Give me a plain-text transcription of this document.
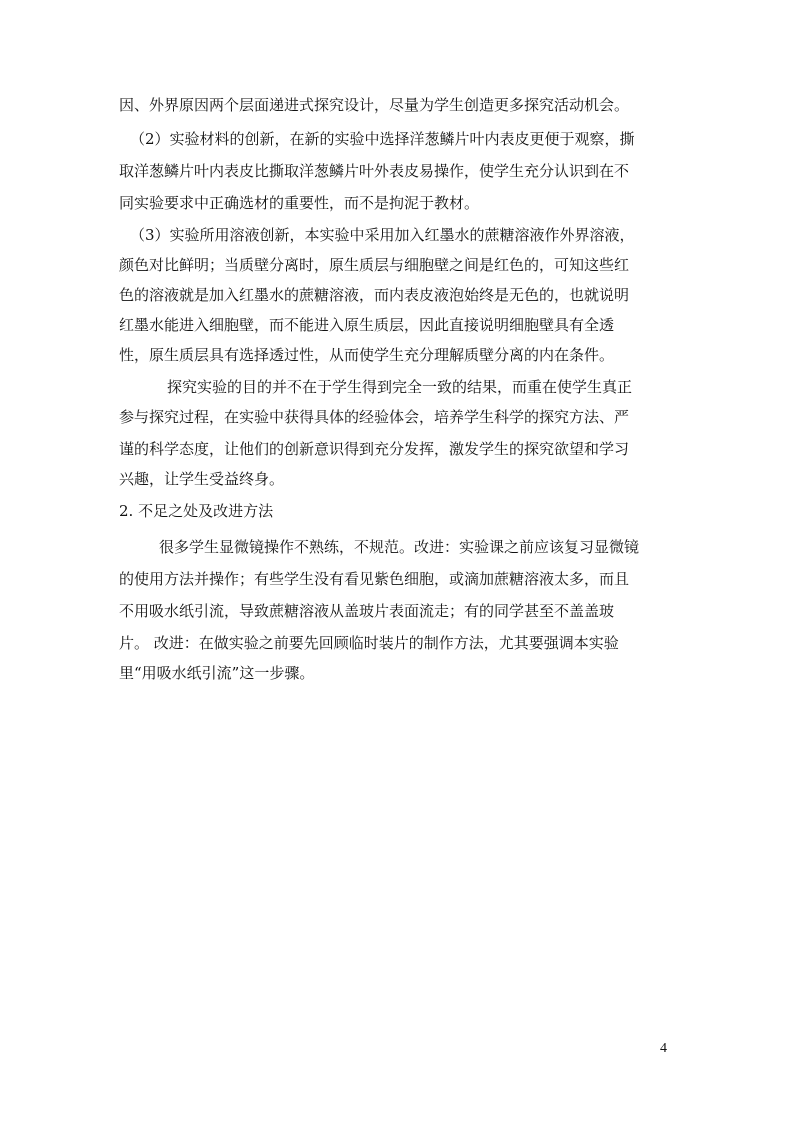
因、外界原因两个层面递进式探究设计，尽量为学生创造更多探究活动机会。
（2）实验材料的创新，在新的实验中选择洋葱鳞片叶内表皮更便于观察，撕
取洋葱鳞片叶内表皮比撕取洋葱鳞片叶外表皮易操作，使学生充分认识到在不
同实验要求中正确选材的重要性，而不是拘泥于教材。
（3）实验所用溶液创新，本实验中采用加入红墨水的蔗糖溶液作外界溶液，
颜色对比鲜明；当质壁分离时，原生质层与细胞壁之间是红色的，可知这些红
色的溶液就是加入红墨水的蔗糖溶液，而内表皮液泡始终是无色的，也就说明
红墨水能进入细胞壁，而不能进入原生质层，因此直接说明细胞壁具有全透
性，原生质层具有选择透过性，从而使学生充分理解质壁分离的内在条件。
探究实验的目的并不在于学生得到完全一致的结果，而重在使学生真正
参与探究过程，在实验中获得具体的经验体会，培养学生科学的探究方法、严
谨的科学态度，让他们的创新意识得到充分发挥，激发学生的探究欲望和学习
兴趣，让学生受益终身。
2. 不足之处及改进方法
很多学生显微镜操作不熟练，不规范。改进：实验课之前应该复习显微镜
的使用方法并操作；有些学生没有看见紫色细胞，或滴加蔗糖溶液太多，而且
不用吸水纸引流，导致蔗糖溶液从盖玻片表面流走；有的同学甚至不盖盖玻
片。 改进：在做实验之前要先回顾临时装片的制作方法，尤其要强调本实验
里“用吸水纸引流”这一步骤。
4
